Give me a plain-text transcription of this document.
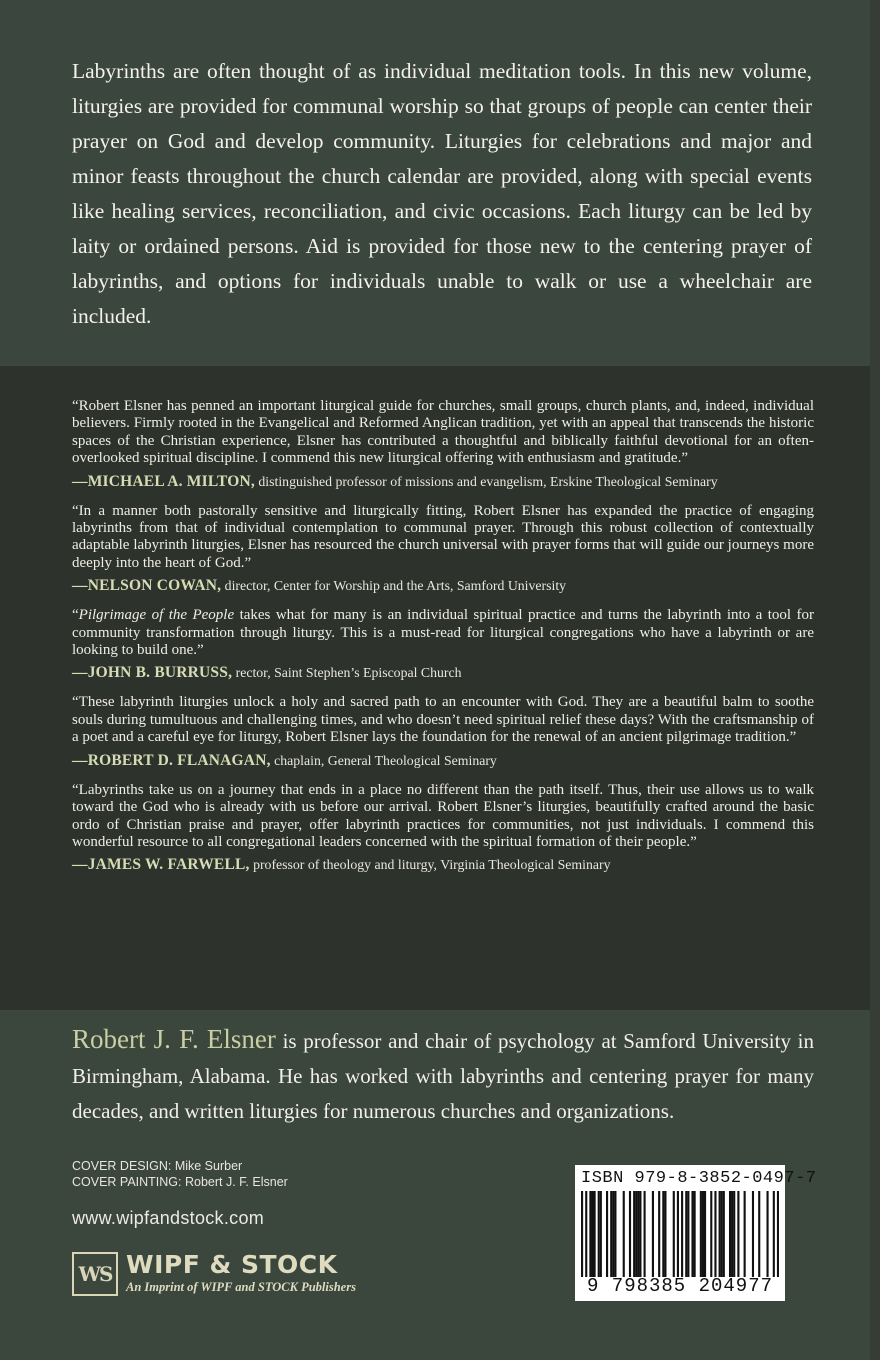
Labyrinths are often thought of as individual meditation tools. In this new volume, liturgies are provided for communal worship so that groups of people can center their prayer on God and develop community. Liturgies for celebrations and major and minor feasts throughout the church calendar are provided, along with special events like healing services, reconciliation, and civic occasions. Each liturgy can be led by laity or ordained persons. Aid is provided for those new to the centering prayer of labyrinths, and options for individuals unable to walk or use a wheelchair are included.

“Robert Elsner has penned an important liturgical guide for churches, small groups, church plants, and, indeed, individual believers. Firmly rooted in the Evangelical and Reformed Anglican tradition, yet with an appeal that transcends the historic spaces of the Christian experience, Elsner has contributed a thoughtful and biblically faithful devotional for an often-overlooked spiritual discipline. I commend this new liturgical offering with enthusiasm and gratitude.”

—MICHAEL A. MILTON, distinguished professor of missions and evangelism, Erskine Theological Seminary

“In a manner both pastorally sensitive and liturgically fitting, Robert Elsner has expanded the practice of engaging labyrinths from that of individual contemplation to communal prayer. Through this robust collection of contextually adaptable labyrinth liturgies, Elsner has resourced the church universal with prayer forms that will guide our journeys more deeply into the heart of God.”

—NELSON COWAN, director, Center for Worship and the Arts, Samford University

“Pilgrimage of the People takes what for many is an individual spiritual practice and turns the labyrinth into a tool for community transformation through liturgy. This is a must-read for liturgical congregations who have a labyrinth or are looking to build one.”

—JOHN B. BURRUSS, rector, Saint Stephen’s Episcopal Church

“These labyrinth liturgies unlock a holy and sacred path to an encounter with God. They are a beautiful balm to soothe souls during tumultuous and challenging times, and who doesn’t need spiritual relief these days? With the craftsmanship of a poet and a careful eye for liturgy, Robert Elsner lays the foundation for the renewal of an ancient pilgrimage tradition.”

—ROBERT D. FLANAGAN, chaplain, General Theological Seminary

“Labyrinths take us on a journey that ends in a place no different than the path itself. Thus, their use allows us to walk toward the God who is already with us before our arrival. Robert Elsner’s liturgies, beautifully crafted around the basic ordo of Christian praise and prayer, offer labyrinth practices for communities, not just individuals. I commend this wonderful resource to all congregational leaders concerned with the spiritual formation of their people.”

—JAMES W. FARWELL, professor of theology and liturgy, Virginia Theological Seminary

Robert J. F. Elsner is professor and chair of psychology at Samford University in Birmingham, Alabama. He has worked with labyrinths and centering prayer for many decades, and written liturgies for numerous churches and organizations.

COVER DESIGN: Mike Surber
COVER PAINTING: Robert J. F. Elsner
www.wipfandstock.com
WS WIPF & STOCK
An Imprint of WIPF and STOCK Publishers
ISBN 979-8-3852-0497-7
9 798385 204977
